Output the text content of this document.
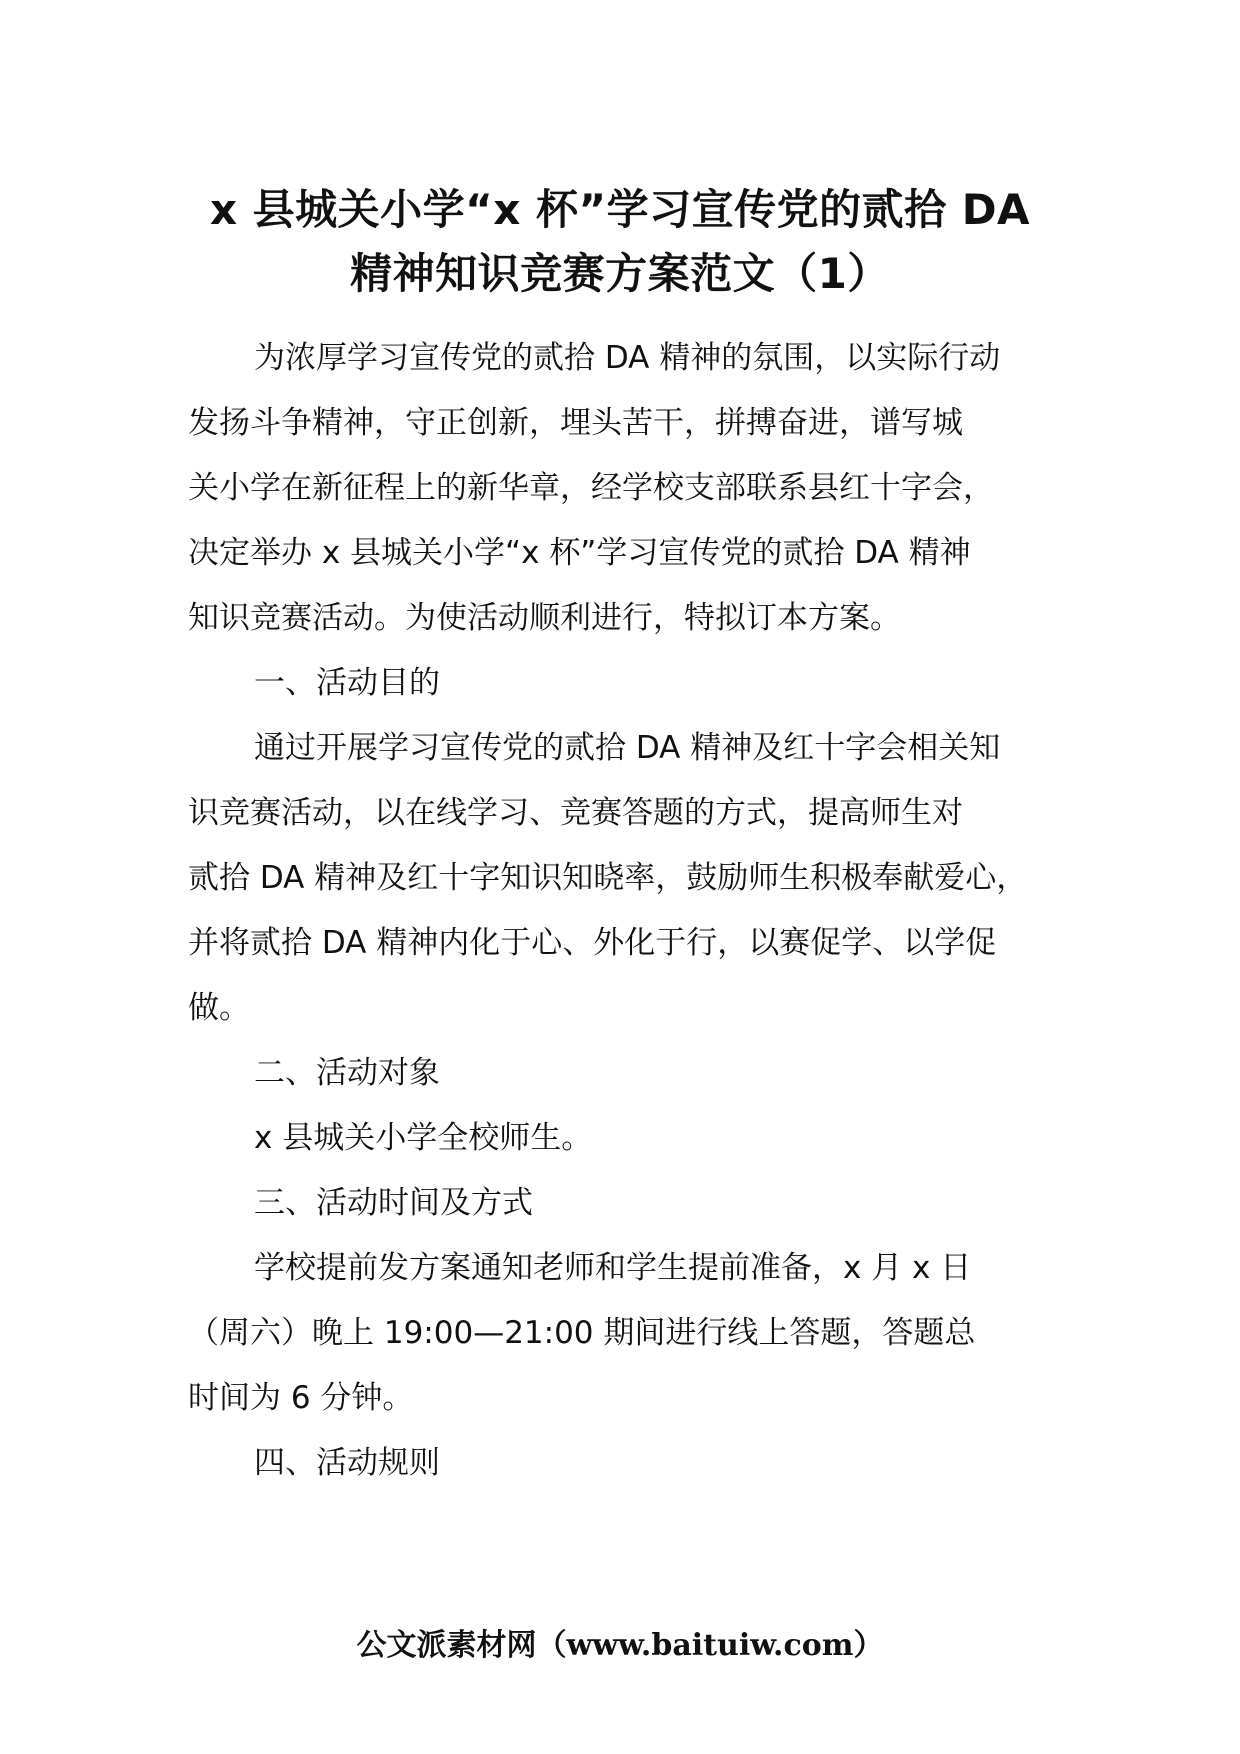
x 县城关小学“x 杯”学习宣传党的贰拾 DA
精神知识竞赛方案范文（1）
为浓厚学习宣传党的贰拾 DA 精神的氛围，以实际行动
发扬斗争精神，守正创新，埋头苦干，拼搏奋进，谱写城
关小学在新征程上的新华章，经学校支部联系县红十字会，
决定举办 x 县城关小学“x 杯”学习宣传党的贰拾 DA 精神
知识竞赛活动。为使活动顺利进行，特拟订本方案。
一、活动目的
通过开展学习宣传党的贰拾 DA 精神及红十字会相关知
识竞赛活动，以在线学习、竞赛答题的方式，提高师生对
贰拾 DA 精神及红十字知识知晓率，鼓励师生积极奉献爱心，
并将贰拾 DA 精神内化于心、外化于行，以赛促学、以学促
做。
二、活动对象
x 县城关小学全校师生。
三、活动时间及方式
学校提前发方案通知老师和学生提前准备，x 月 x 日
（周六）晚上 19:00—21:00 期间进行线上答题，答题总
时间为 6 分钟。
四、活动规则
公文派素材网（www.baituiw.com）
